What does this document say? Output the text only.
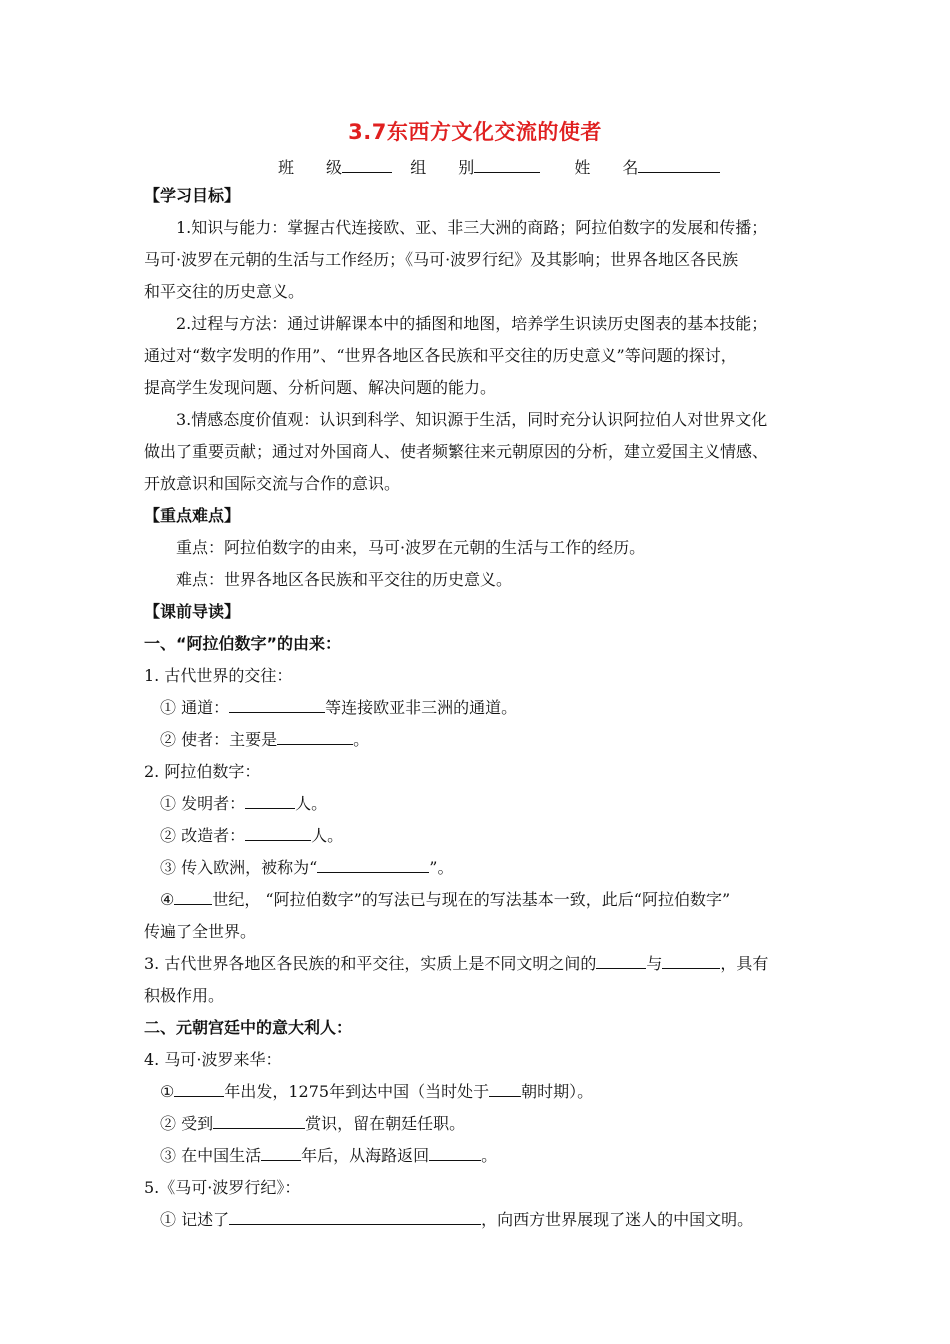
3.7东西方文化交流的使者
班　　级	组　　别	姓　　名
【学习目标】
1.知识与能力：掌握古代连接欧、亚、非三大洲的商路；阿拉伯数字的发展和传播；
马可·波罗在元朝的生活与工作经历；《马可·波罗行纪》及其影响；世界各地区各民族
和平交往的历史意义。
2.过程与方法：通过讲解课本中的插图和地图，培养学生识读历史图表的基本技能；
通过对“数字发明的作用”、“世界各地区各民族和平交往的历史意义”等问题的探讨，
提高学生发现问题、分析问题、解决问题的能力。
3.情感态度价值观：认识到科学、知识源于生活，同时充分认识阿拉伯人对世界文化
做出了重要贡献；通过对外国商人、使者频繁往来元朝原因的分析，建立爱国主义情感、
开放意识和国际交流与合作的意识。
【重点难点】
重点：阿拉伯数字的由来，马可·波罗在元朝的生活与工作的经历。
难点：世界各地区各民族和平交往的历史意义。
【课前导读】
一、“阿拉伯数字”的由来：
1. 古代世界的交往：
① 通道：	等连接欧亚非三洲的通道。
② 使者：主要是	。
2. 阿拉伯数字：
① 发明者：	人。
② 改造者：	人。
③ 传入欧洲，被称为“	”。
④ 世纪， “阿拉伯数字”的写法已与现在的写法基本一致，此后“阿拉伯数字”
传遍了全世界。
3. 古代世界各地区各民族的和平交往，实质上是不同文明之间的	与	，具有
积极作用。
二、元朝宫廷中的意大利人：
4. 马可·波罗来华：
①	年出发，1275年到达中国（当时处于 朝时期）。
② 受到	赏识，留在朝廷任职。
③ 在中国生活	年后，从海路返回	。
5.《马可·波罗行纪》：
① 记述了	，向西方世界展现了迷人的中国文明。
